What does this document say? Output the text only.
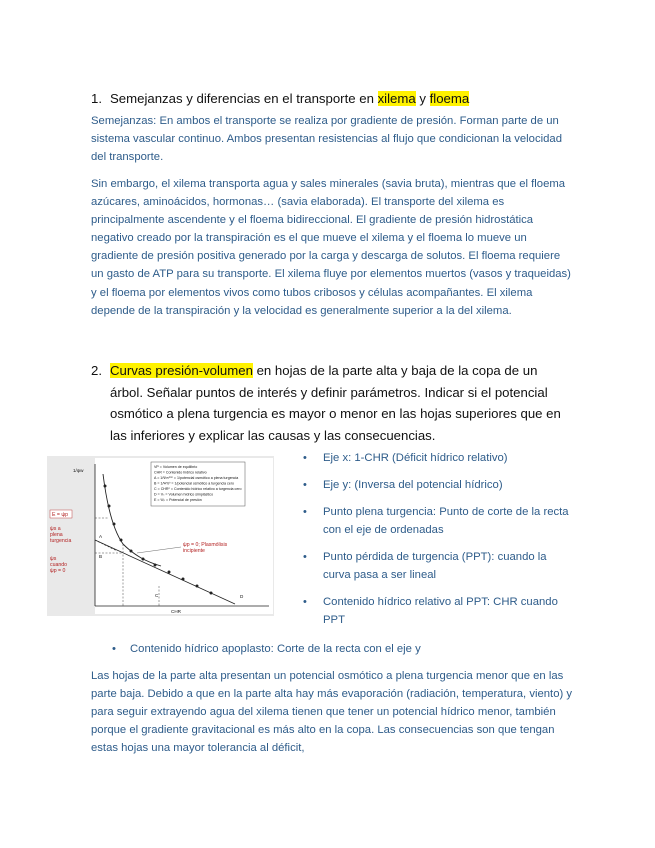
1. Semejanzas y diferencias en el transporte en xilema y floema

Semejanzas: En ambos el transporte se realiza por gradiente de presión. Forman parte de un sistema vascular continuo. Ambos presentan resistencias al flujo que condicionan la velocidad del transporte.

Sin embargo, el xilema transporta agua y sales minerales (savia bruta), mientras que el floema azúcares, aminoácidos, hormonas… (savia elaborada). El transporte del xilema es principalmente ascendente y el floema bidireccional. El gradiente de presión hidrostática negativo creado por la transpiración es el que mueve el xilema y el floema lo mueve un gradiente de presión positiva generado por la carga y descarga de solutos. El floema requiere un gasto de ATP para su transporte. El xilema fluye por elementos muertos (vasos y traqueidas) y el floema por elementos vivos como tubos cribosos y células acompañantes. El xilema depende de la transpiración y la velocidad es generalmente superior a la del xilema.

2. Curvas presión-volumen en hojas de la parte alta y baja de la copa de un árbol. Señalar puntos de interés y definir parámetros. Indicar si el potencial osmótico a plena turgencia es mayor o menor en las hojas superiores que en las inferiores y explicar las causas y las consecuencias.
1/ψw
CHR
VP = Volumen de equilibrio
CHR = Contenido hídrico relativo
A = 1/Ψπ¹⁰⁰ = 1/potencial osmótico a plena turgencia
B = 1/Ψπ⁰ = 1/potencial osmótico a turgencia cero
C = CHR⁰ = Contenido hídrico relativo a turgencia cero
D = Vₛ = Volumen hídrico simplástico
E = Ψₚ = Potencial de presión
A
B
C	D
ψp = 0; Plasmólisis
incipiente
E = ψp
ψs a
plena
turgencia
ψs
cuando
ψp = 0
• Eje x: 1-CHR (Déficit hídrico relativo)
• Eje y: (Inversa del potencial hídrico)
• Punto plena turgencia: Punto de corte de la recta con el eje de ordenadas
• Punto pérdida de turgencia (PPT): cuando la curva pasa a ser lineal
• Contenido hídrico relativo al PPT: CHR cuando PPT
• Contenido hídrico apoplasto: Corte de la recta con el eje y

Las hojas de la parte alta presentan un potencial osmótico a plena turgencia menor que en las parte baja. Debido a que en la parte alta hay más evaporación (radiación, temperatura, viento) y para seguir extrayendo agua del xilema tienen que tener un potencial hídrico menor, también porque el gradiente gravitacional es más alto en la copa. Las consecuencias son que tengan estas hojas una mayor tolerancia al déficit,
